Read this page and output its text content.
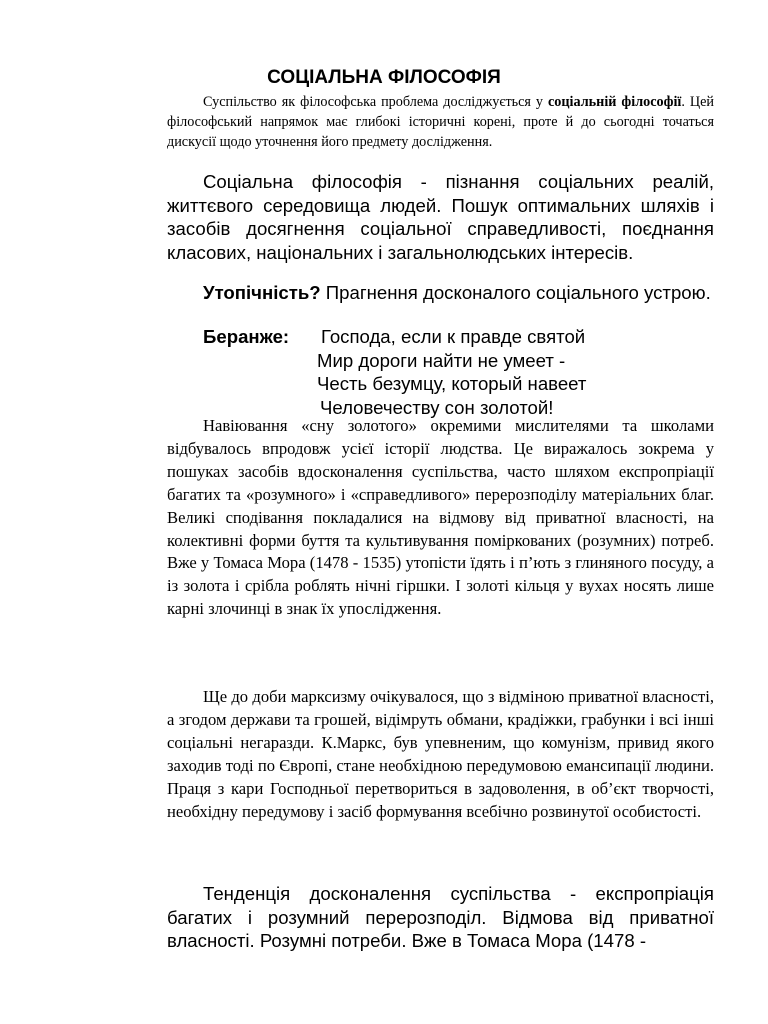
СОЦІАЛЬНА ФІЛОСОФІЯ
Суспільство як філософська проблема досліджується у соціальній філософії. Цей філософський напрямок має глибокі історичні корені, проте й до сьогодні точаться дискусії щодо уточнення його предмету дослідження.
Соціальна філософія - пізнання соціальних реалій, життєвого середовища людей. Пошук оптимальних шляхів і засобів досягнення соціальної справедливості, поєднання класових, національних і загальнолюдських інтересів.
Утопічність? Прагнення досконалого соціального устрою.
Беранже: Господа, если к правде святой
Мир дороги найти не умеет -
Честь безумцу, который навеет
Человечеству сон золотой!
Навіювання «сну золотого» окремими мислителями та школами відбувалось впродовж усієї історії людства. Це виражалось зокрема у пошуках засобів вдосконалення суспільства, часто шляхом експропріації багатих та «розумного» і «справедливого» перерозподілу матеріальних благ. Великі сподівання покладалися на відмову від приватної власності, на колективні форми буття та культивування поміркованих (розумних) потреб. Вже у Томаса Мора (1478 - 1535) утопісти їдять і п’ють з глиняного посуду, а із золота і срібла роблять нічні гіршки. І золоті кільця у вухах носять лише карні злочинці в знак їх упослідження.
Ще до доби марксизму очікувалося, що з відміною приватної власності, а згодом держави та грошей, відімруть обмани, крадіжки, грабунки і всі інші соціальні негаразди. К.Маркс, був упевненим, що комунізм, привид якого заходив тоді по Європі, стане необхідною передумовою емансипації людини. Праця з кари Господньої перетвориться в задоволення, в об’єкт творчості, необхідну передумову і засіб формування всебічно розвинутої особистості.
Тенденція досконалення суспільства - експропріація багатих і розумний перерозподіл. Відмова від приватної власності. Розумні потреби. Вже в Томаса Мора (1478 -
